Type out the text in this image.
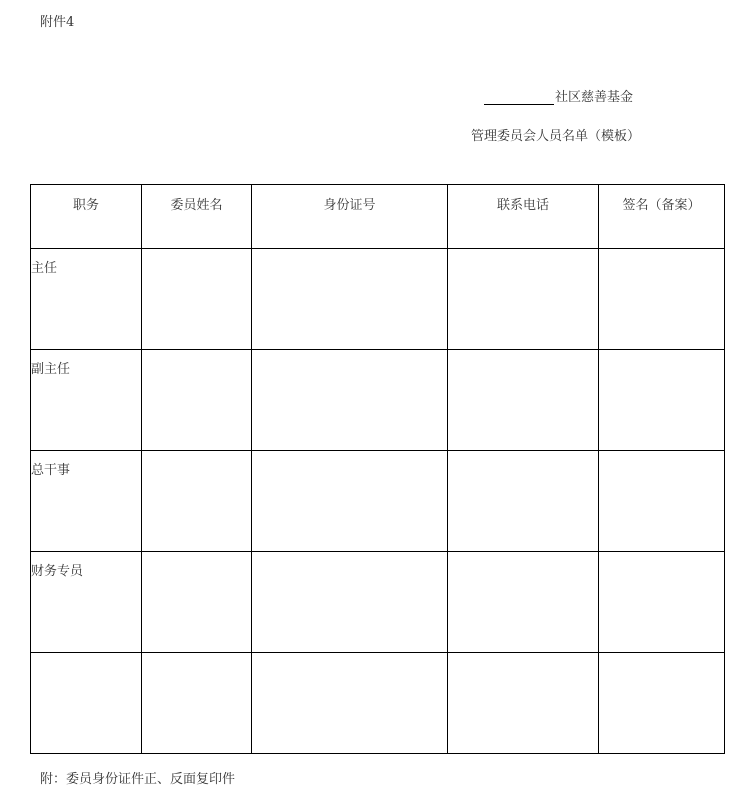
附件4
社区慈善基金
管理委员会人员名单（模板）
职务	委员姓名	身份证号	联系电话	签名（备案）
主任				
副主任				
总干事				
财务专员				

附：委员身份证件正、反面复印件
